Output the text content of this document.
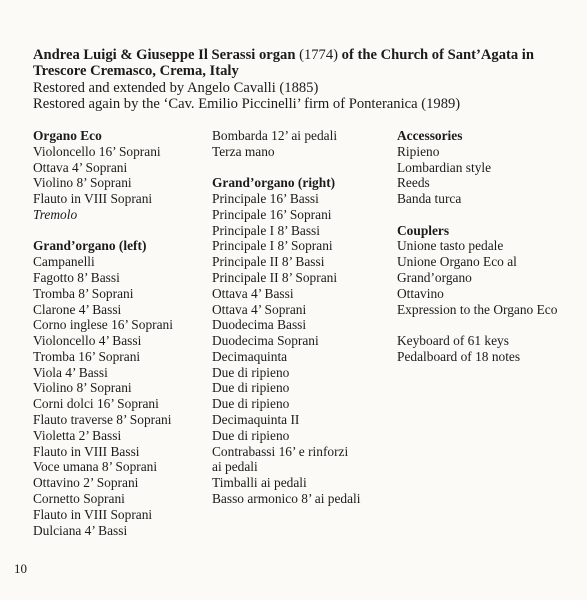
Andrea Luigi & Giuseppe Il Serassi organ (1774) of the Church of Sant’Agata in
Trescore Cremasco, Crema, Italy
Restored and extended by Angelo Cavalli (1885)
Restored again by the ‘Cav. Emilio Piccinelli’ firm of Ponteranica (1989)
Organo Eco
Violoncello 16’ Soprani
Ottava 4’ Soprani
Violino 8’ Soprani
Flauto in VIII Soprani
Tremolo
Grand’organo (left)
Campanelli
Fagotto 8’ Bassi
Tromba 8’ Soprani
Clarone 4’ Bassi
Corno inglese 16’ Soprani
Violoncello 4’ Bassi
Tromba 16’ Soprani
Viola 4’ Bassi
Violino 8’ Soprani
Corni dolci 16’ Soprani
Flauto traverse 8’ Soprani
Violetta 2’ Bassi
Flauto in VIII Bassi
Voce umana 8’ Soprani
Ottavino 2’ Soprani
Cornetto Soprani
Flauto in VIII Soprani
Dulciana 4’ Bassi
Bombarda 12’ ai pedali
Terza mano
Grand’organo (right)
Principale 16’ Bassi
Principale 16’ Soprani
Principale I 8’ Bassi
Principale I 8’ Soprani
Principale II 8’ Bassi
Principale II 8’ Soprani
Ottava 4’ Bassi
Ottava 4’ Soprani
Duodecima Bassi
Duodecima Soprani
Decimaquinta
Due di ripieno
Due di ripieno
Due di ripieno
Decimaquinta II
Due di ripieno
Contrabassi 16’ e rinforzi
ai pedali
Timballi ai pedali
Basso armonico 8’ ai pedali
Accessories
Ripieno
Lombardian style
Reeds
Banda turca
Couplers
Unione tasto pedale
Unione Organo Eco al
Grand’organo
Ottavino
Expression to the Organo Eco
Keyboard of 61 keys
Pedalboard of 18 notes
10
